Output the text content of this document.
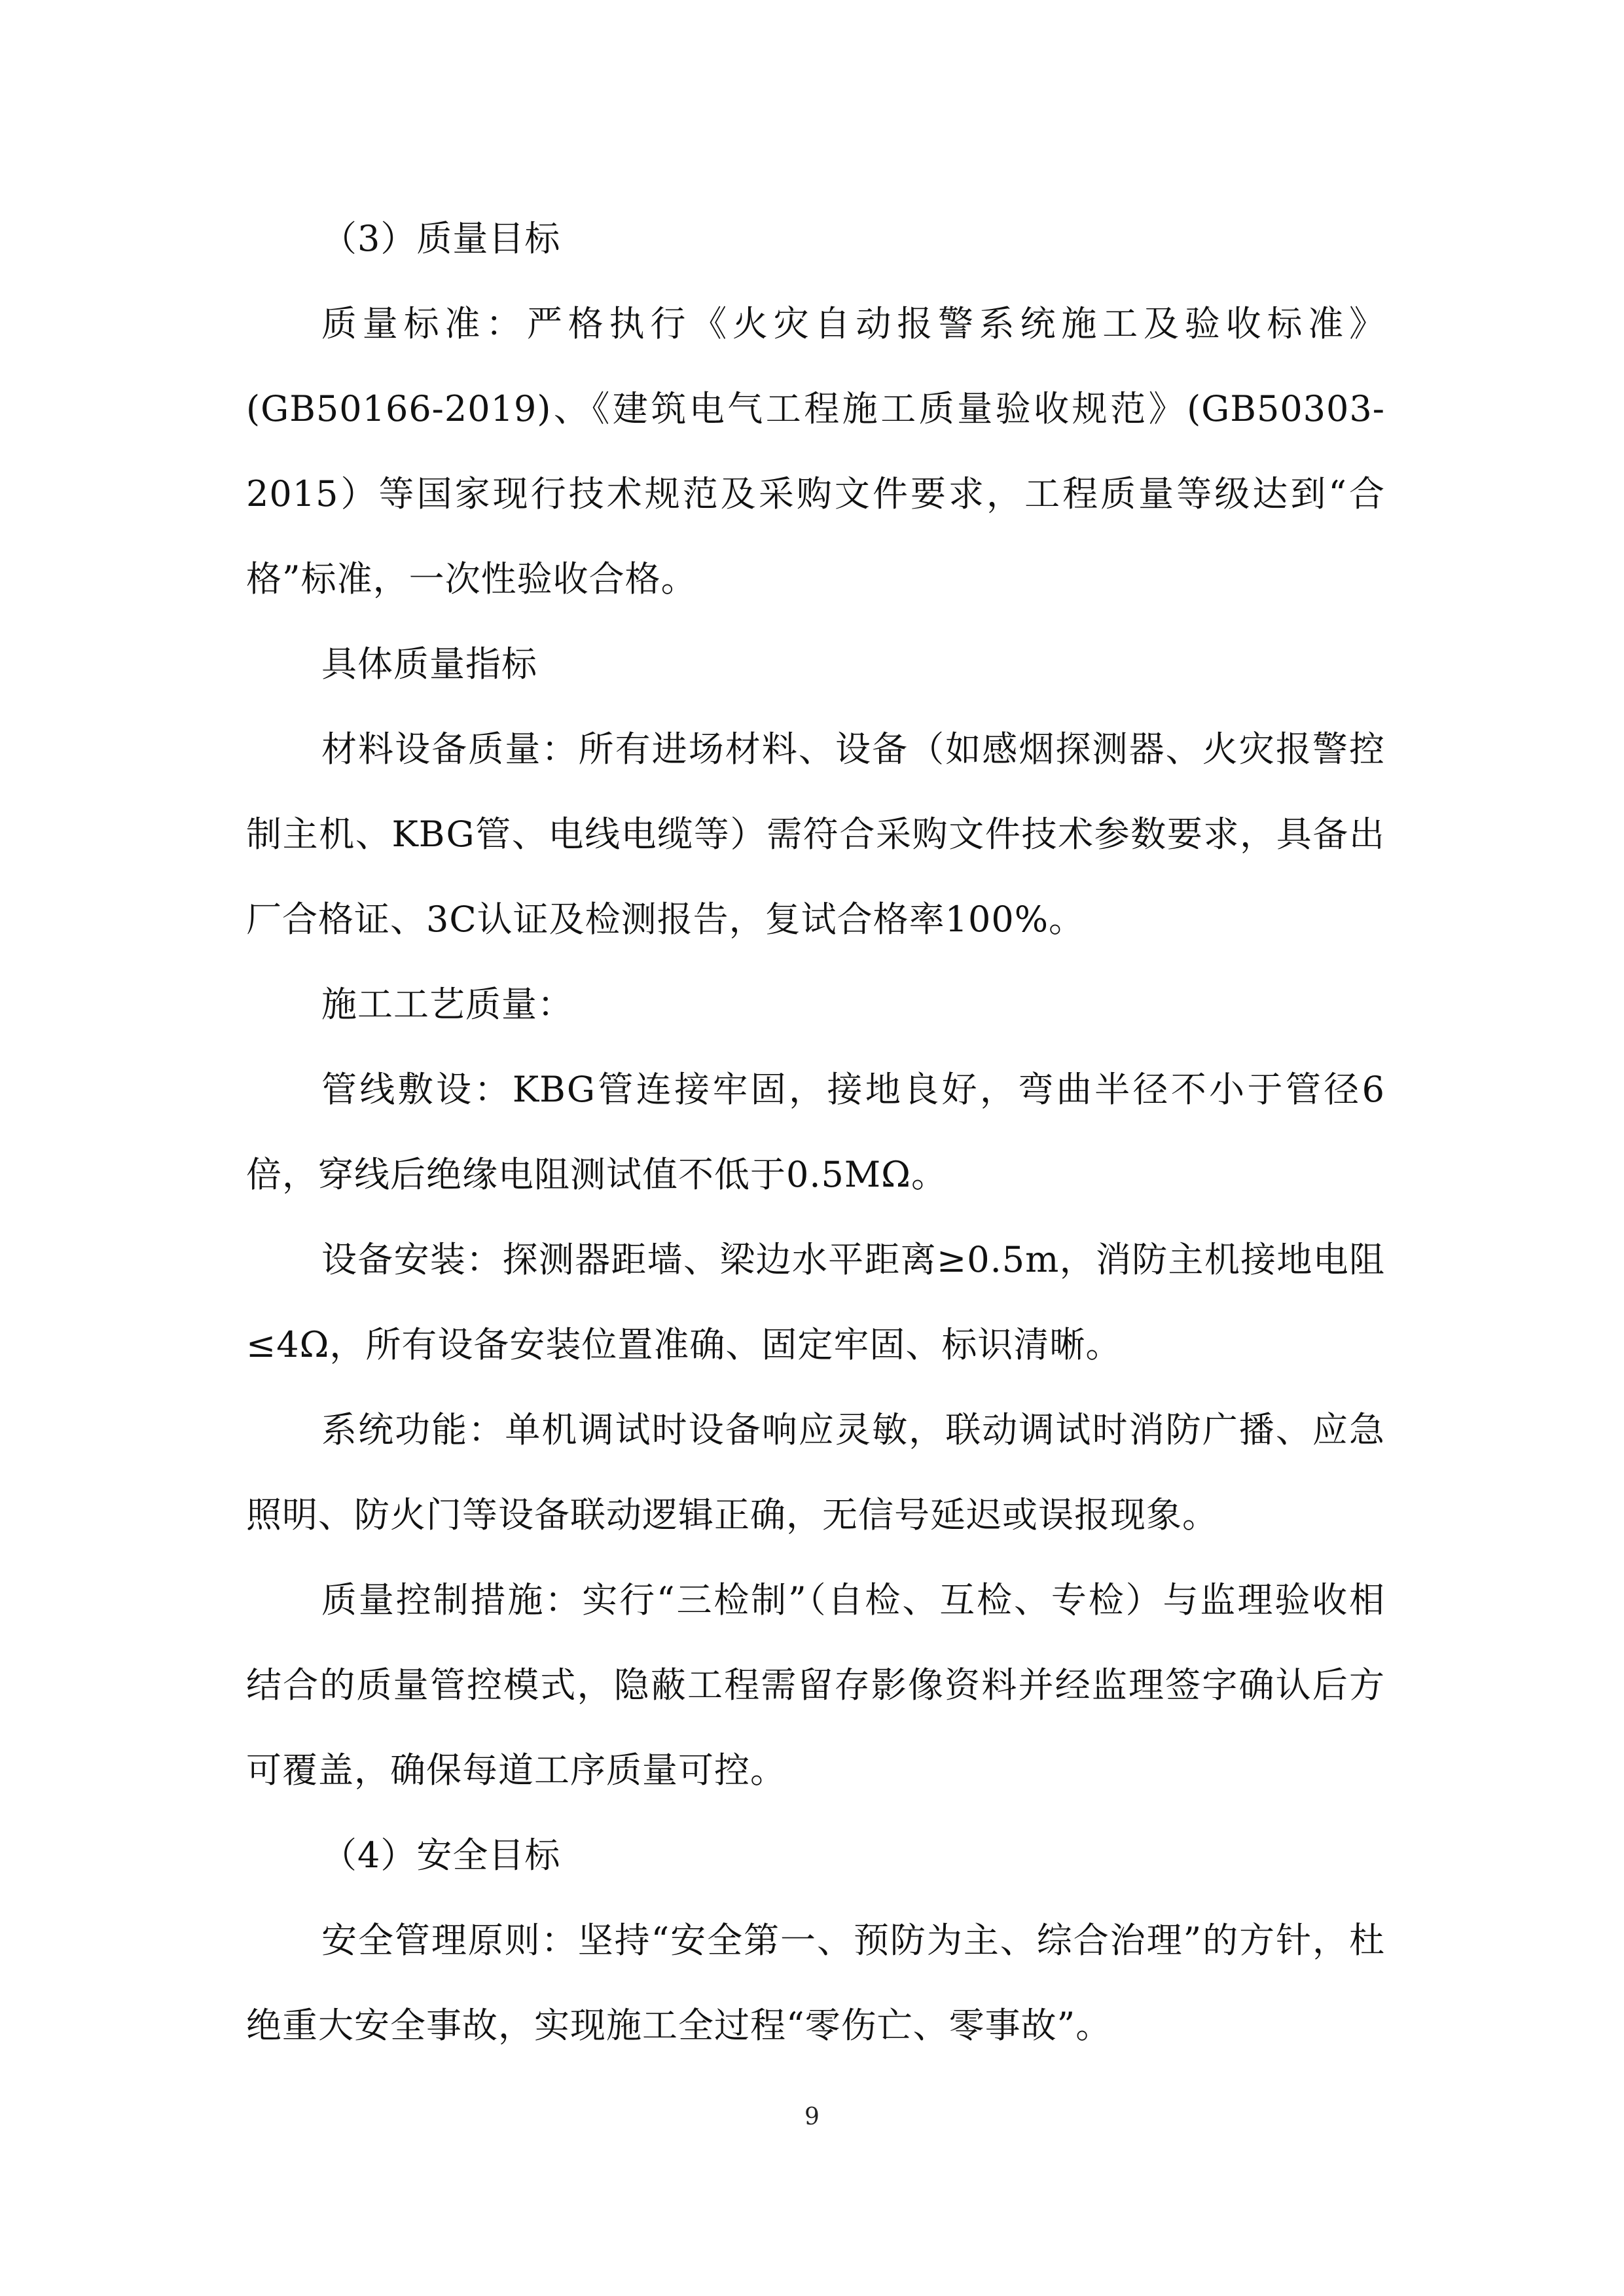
（3）质量目标

质量标准：严格执行《火灾自动报警系统施工及验收标准》(GB50166-2019)、《建筑电气工程施工质量验收规范》(GB50303-2015）等国家现行技术规范及采购文件要求，工程质量等级达到“合格”标准，一次性验收合格。

具体质量指标

材料设备质量：所有进场材料、设备（如感烟探测器、火灾报警控制主机、KBG管、电线电缆等）需符合采购文件技术参数要求，具备出厂合格证、3C认证及检测报告，复试合格率100%。

施工工艺质量：

管线敷设：KBG管连接牢固，接地良好，弯曲半径不小于管径6倍，穿线后绝缘电阻测试值不低于0.5MΩ。

设备安装：探测器距墙、梁边水平距离≥0.5m，消防主机接地电阻≤4Ω，所有设备安装位置准确、固定牢固、标识清晰。

系统功能：单机调试时设备响应灵敏，联动调试时消防广播、应急照明、防火门等设备联动逻辑正确，无信号延迟或误报现象。

质量控制措施：实行“三检制”（自检、互检、专检）与监理验收相结合的质量管控模式，隐蔽工程需留存影像资料并经监理签字确认后方可覆盖，确保每道工序质量可控。

（4）安全目标

安全管理原则：坚持“安全第一、预防为主、综合治理”的方针，杜绝重大安全事故，实现施工全过程“零伤亡、零事故”。

9
